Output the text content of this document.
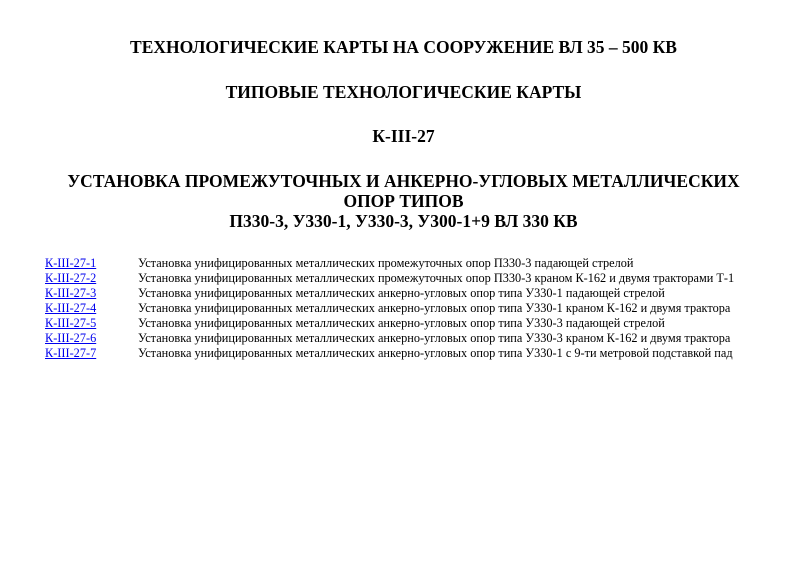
ТЕХНОЛОГИЧЕСКИЕ КАРТЫ НА СООРУЖЕНИЕ ВЛ 35 – 500 КВ
ТИПОВЫЕ ТЕХНОЛОГИЧЕСКИЕ КАРТЫ
К-III-27
УСТАНОВКА ПРОМЕЖУТОЧНЫХ И АНКЕРНО-УГЛОВЫХ МЕТАЛЛИЧЕСКИХ
ОПОР ТИПОВ
П330-3, У330-1, У330-3, У300-1+9 ВЛ 330 КВ
К-III-27-1	Установка унифицированных металлических промежуточных опор П330-3 падающей стрелой
К-III-27-2	Установка унифицированных металлических промежуточных опор П330-3 краном К-162 и двумя тракторами Т-1
К-III-27-3	Установка унифицированных металлических анкерно-угловых опор типа У330-1 падающей стрелой
К-III-27-4	Установка унифицированных металлических анкерно-угловых опор типа У330-1 краном К-162 и двумя трактора
К-III-27-5	Установка унифицированных металлических анкерно-угловых опор типа У330-3 падающей стрелой
К-III-27-6	Установка унифицированных металлических анкерно-угловых опор типа У330-3 краном К-162 и двумя трактора
К-III-27-7	Установка унифицированных металлических анкерно-угловых опор типа У330-1 с 9-ти метровой подставкой пад
